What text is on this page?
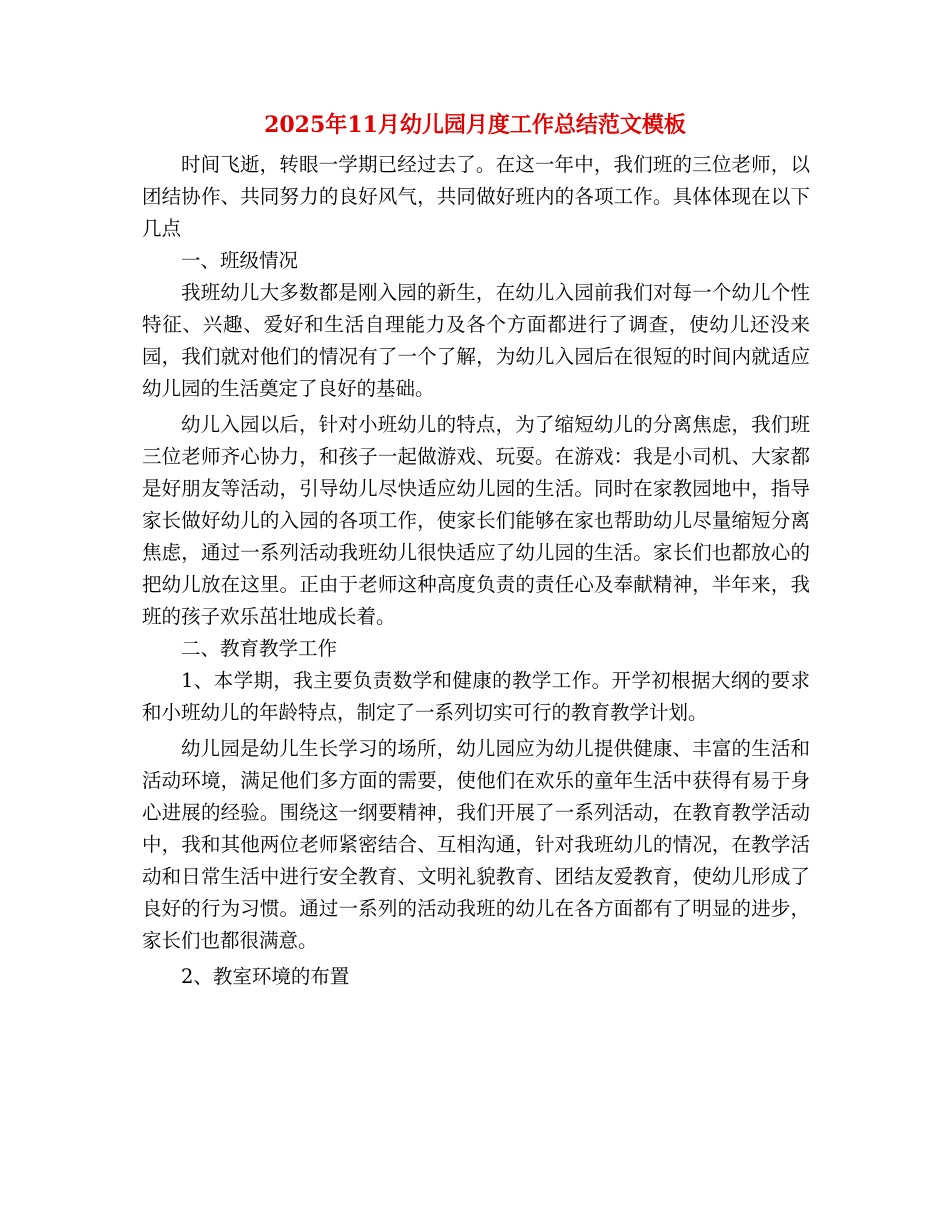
2025年11月幼儿园月度工作总结范文模板

时间飞逝，转眼一学期已经过去了。在这一年中，我们班的三位老师，以团结协作、共同努力的良好风气，共同做好班内的各项工作。具体体现在以下几点

一、班级情况

我班幼儿大多数都是刚入园的新生，在幼儿入园前我们对每一个幼儿个性特征、兴趣、爱好和生活自理能力及各个方面都进行了调查，使幼儿还没来园，我们就对他们的情况有了一个了解，为幼儿入园后在很短的时间内就适应幼儿园的生活奠定了良好的基础。

幼儿入园以后，针对小班幼儿的特点，为了缩短幼儿的分离焦虑，我们班三位老师齐心协力，和孩子一起做游戏、玩耍。在游戏：我是小司机、大家都是好朋友等活动，引导幼儿尽快适应幼儿园的生活。同时在家教园地中，指导家长做好幼儿的入园的各项工作，使家长们能够在家也帮助幼儿尽量缩短分离焦虑，通过一系列活动我班幼儿很快适应了幼儿园的生活。家长们也都放心的把幼儿放在这里。正由于老师这种高度负责的责任心及奉献精神，半年来，我班的孩子欢乐茁壮地成长着。

二、教育教学工作

1、本学期，我主要负责数学和健康的教学工作。开学初根据大纲的要求和小班幼儿的年龄特点，制定了一系列切实可行的教育教学计划。

幼儿园是幼儿生长学习的场所，幼儿园应为幼儿提供健康、丰富的生活和活动环境，满足他们多方面的需要，使他们在欢乐的童年生活中获得有易于身心进展的经验。围绕这一纲要精神，我们开展了一系列活动，在教育教学活动中，我和其他两位老师紧密结合、互相沟通，针对我班幼儿的情况，在教学活动和日常生活中进行安全教育、文明礼貌教育、团结友爱教育，使幼儿形成了良好的行为习惯。通过一系列的活动我班的幼儿在各方面都有了明显的进步，家长们也都很满意。

2、教室环境的布置
